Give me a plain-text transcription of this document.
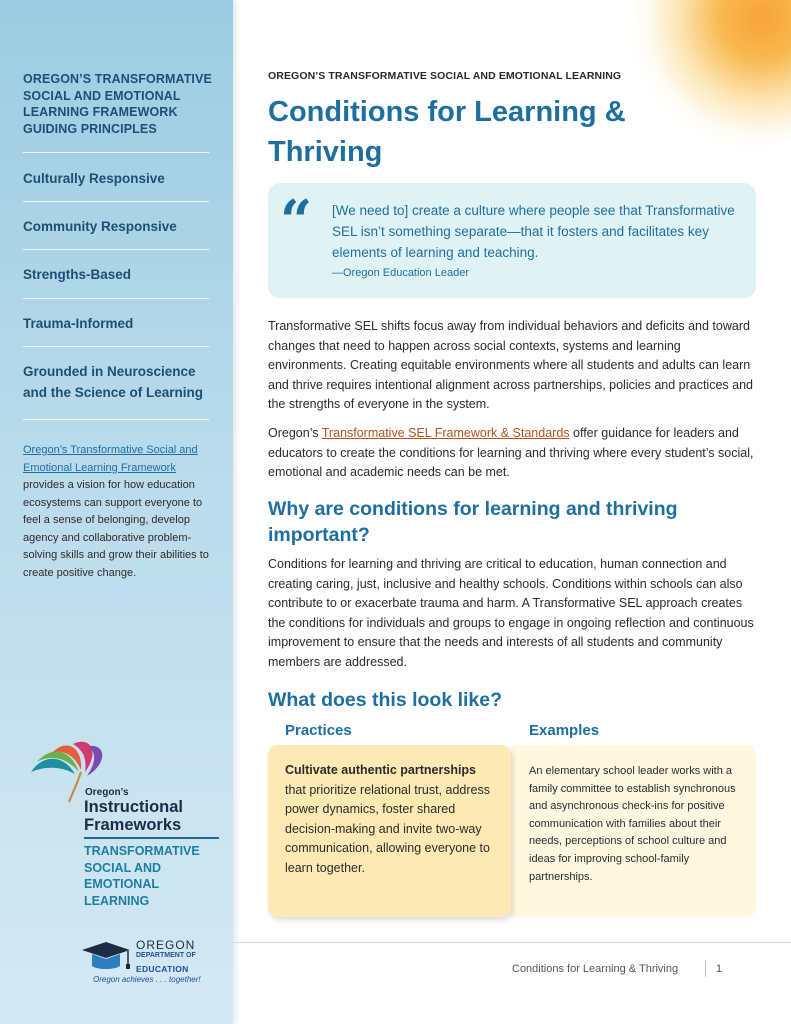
OREGON’S TRANSFORMATIVE SOCIAL AND EMOTIONAL LEARNING FRAMEWORK GUIDING PRINCIPLES
Culturally Responsive
Community Responsive
Strengths-Based
Trauma-Informed
Grounded in Neuroscience and the Science of Learning
Oregon’s Transformative Social and Emotional Learning Framework provides a vision for how education ecosystems can support everyone to feel a sense of belonging, develop agency and collaborative problem-solving skills and grow their abilities to create positive change.
Oregon’s
Instructional Frameworks
TRANSFORMATIVE SOCIAL AND EMOTIONAL LEARNING
OREGON
DEPARTMENT OF
EDUCATION
Oregon achieves . . . together!
OREGON’S TRANSFORMATIVE SOCIAL AND EMOTIONAL LEARNING
Conditions for Learning & Thriving
“ [We need to] create a culture where people see that Transformative SEL isn’t something separate—that it fosters and facilitates key elements of learning and teaching.
—Oregon Education Leader
Transformative SEL shifts focus away from individual behaviors and deficits and toward changes that need to happen across social contexts, systems and learning environments. Creating equitable environments where all students and adults can learn and thrive requires intentional alignment across partnerships, policies and practices and the strengths of everyone in the system.
Oregon’s Transformative SEL Framework & Standards offer guidance for leaders and educators to create the conditions for learning and thriving where every student’s social, emotional and academic needs can be met.
Why are conditions for learning and thriving important?
Conditions for learning and thriving are critical to education, human connection and creating caring, just, inclusive and healthy schools. Conditions within schools can also contribute to or exacerbate trauma and harm. A Transformative SEL approach creates the conditions for individuals and groups to engage in ongoing reflection and continuous improvement to ensure that the needs and interests of all students and community members are addressed.
What does this look like?
Practices	Examples
An elementary school leader works with a family committee to establish synchronous and asynchronous check-ins for positive communication with families about their needs, perceptions of school culture and ideas for improving school-family partnerships.
Cultivate authentic partnerships that prioritize relational trust, address power dynamics, foster shared decision-making and invite two-way communication, allowing everyone to learn together.
Conditions for Learning & Thriving	1
